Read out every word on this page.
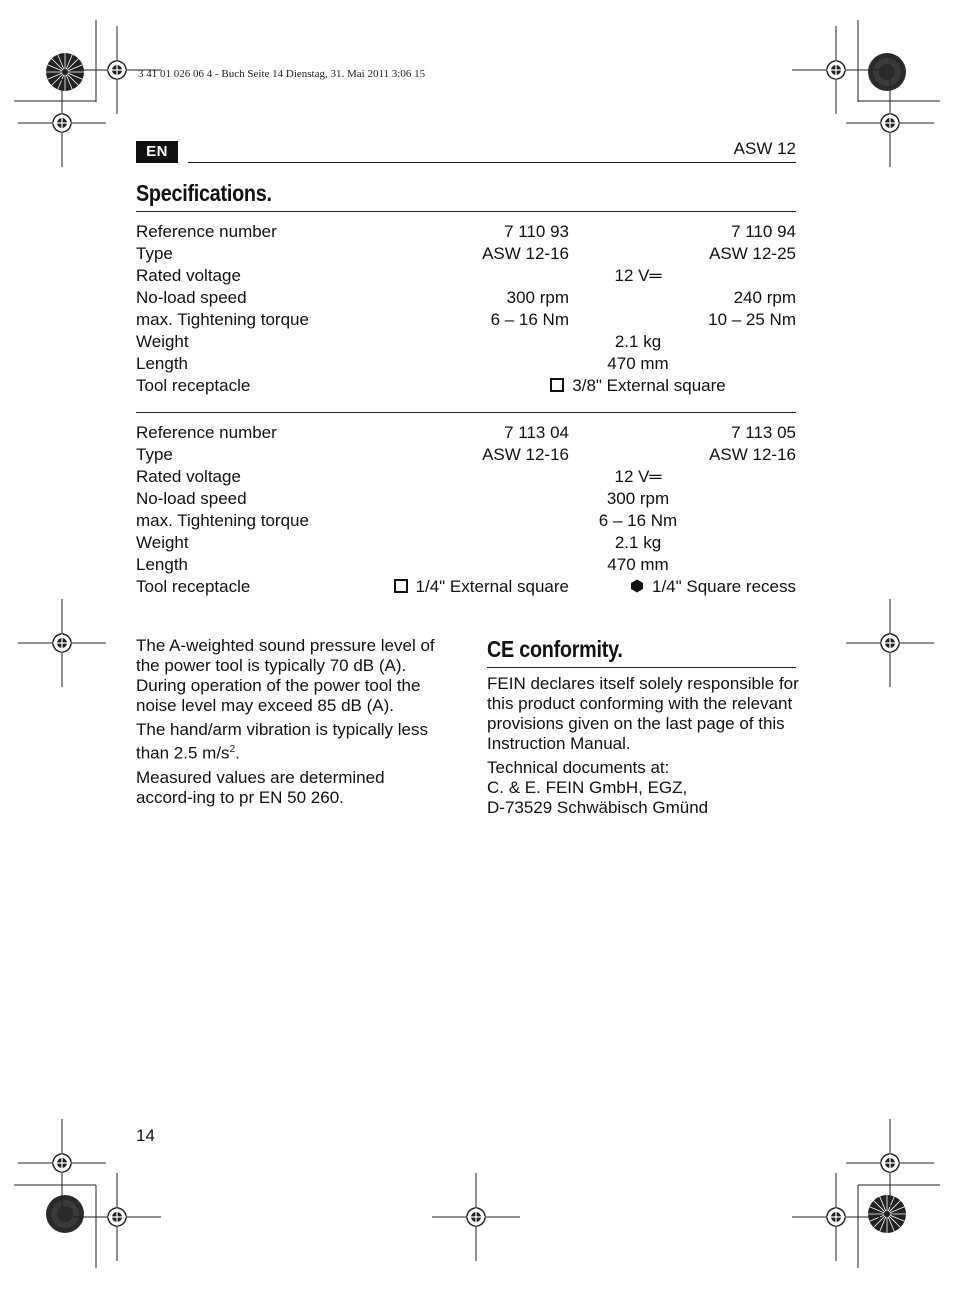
3 41 01 026 06 4 - Buch Seite 14 Dienstag, 31. Mai 2011 3:06 15
EN	ASW 12
Specifications.
Reference number	7 110 93	7 110 94
Type	ASW 12-16	ASW 12-25
Rated voltage	12 V═
No-load speed	300 rpm	240 rpm
max. Tightening torque	6 – 16 Nm	10 – 25 Nm
Weight	2.1 kg
Length	470 mm
Tool receptacle	3/8" External square
Reference number	7 113 04	7 113 05
Type	ASW 12-16	ASW 12-16
Rated voltage	12 V═
No-load speed	300 rpm
max. Tightening torque	6 – 16 Nm
Weight	2.1 kg
Length	470 mm
Tool receptacle	1/4" External square	1/4" Square recess

The A-weighted sound pressure level of the power tool is typically 70 dB (A). During operation of the power tool the noise level may exceed 85 dB (A).

The hand/arm vibration is typically less than 2.5 $m/s^2$.

Measured values are determined accord-ing to pr EN 50 260.

CE conformity.

FEIN declares itself solely responsible for this product conforming with the relevant provisions given on the last page of this Instruction Manual.

Technical documents at:
C. & E. FEIN GmbH, EGZ,
D-73529 Schwäbisch Gmünd

14
